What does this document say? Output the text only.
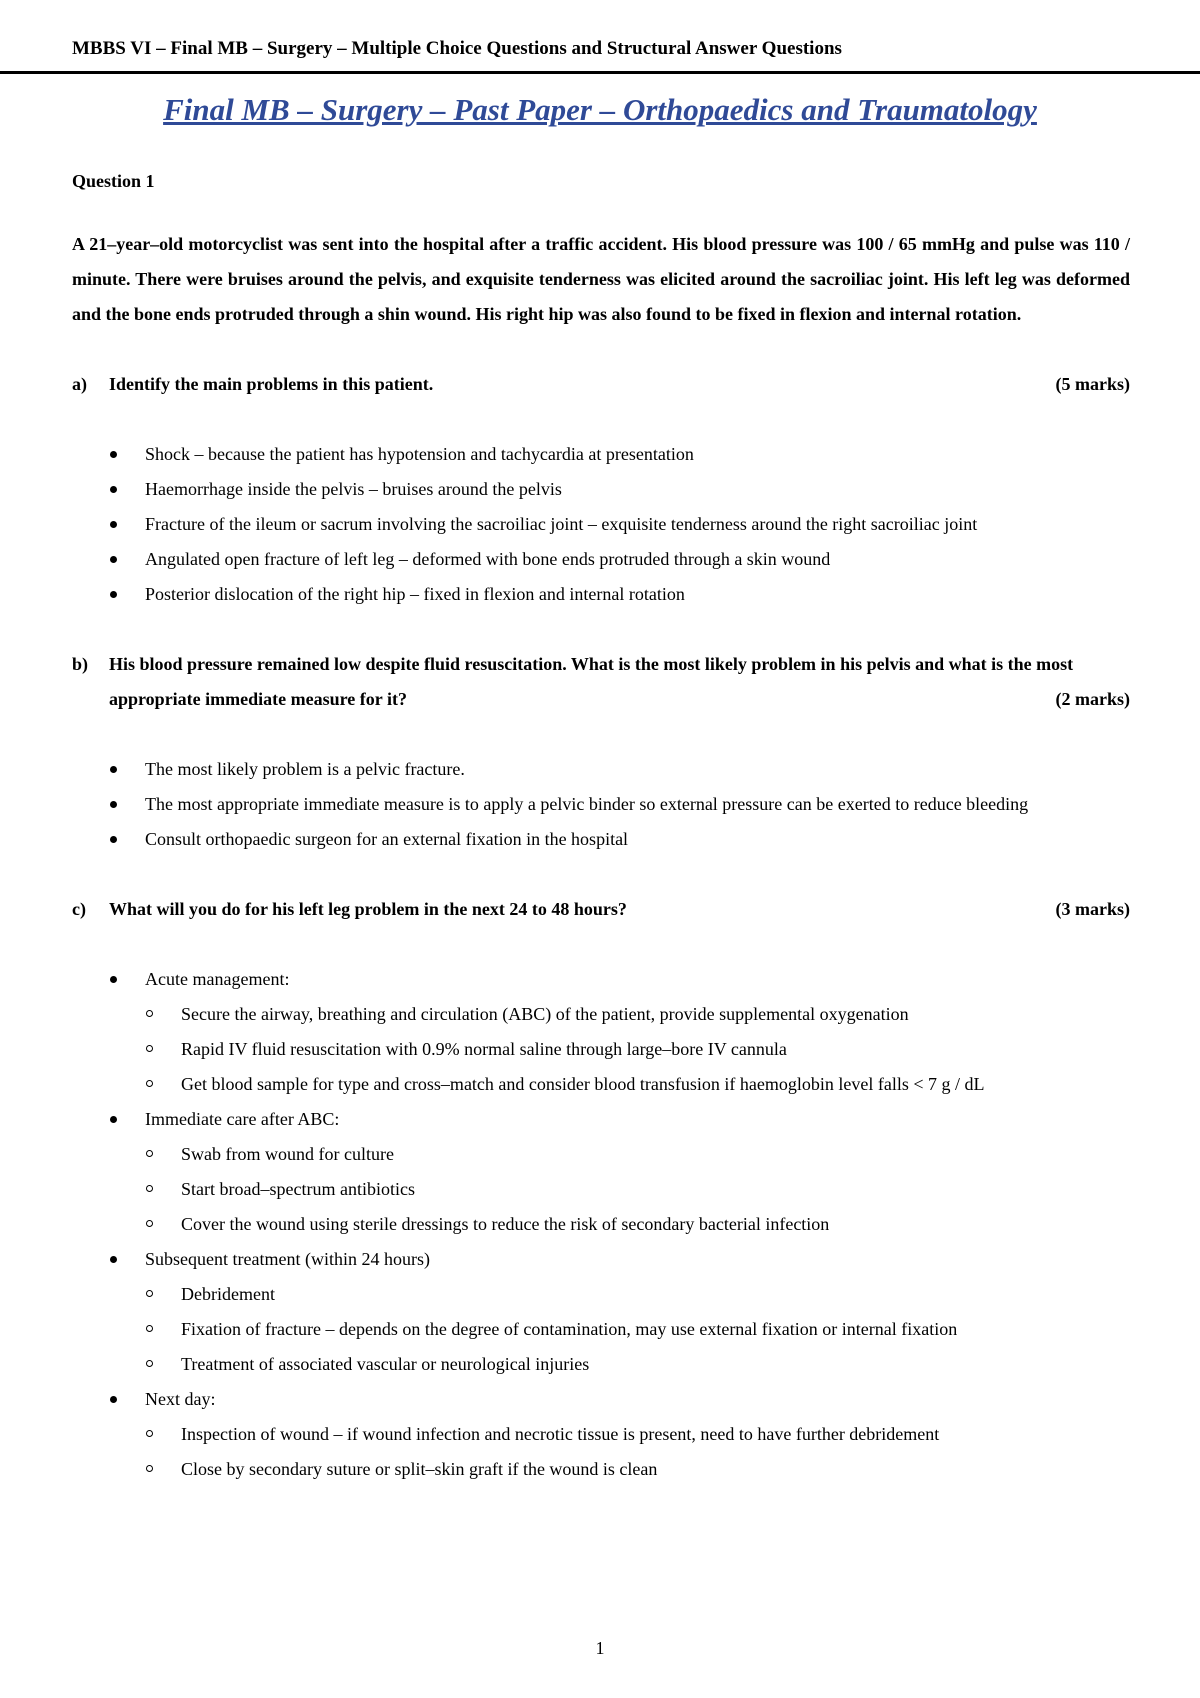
MBBS VI – Final MB – Surgery – Multiple Choice Questions and Structural Answer Questions
Final MB – Surgery – Past Paper – Orthopaedics and Traumatology

Question 1

A 21–year–old motorcyclist was sent into the hospital after a traffic accident. His blood pressure was 100 / 65 mmHg and pulse was 110 / minute. There were bruises around the pelvis, and exquisite tenderness was elicited around the sacroiliac joint. His left leg was deformed and the bone ends protruded through a shin wound. His right hip was also found to be fixed in flexion and internal rotation.

a)	(5 marks)
Identify the main problems in this patient.
Shock – because the patient has hypotension and tachycardia at presentation
Haemorrhage inside the pelvis – bruises around the pelvis
Fracture of the ileum or sacrum involving the sacroiliac joint – exquisite tenderness around the right sacroiliac joint
Angulated open fracture of left leg – deformed with bone ends protruded through a skin wound
Posterior dislocation of the right hip – fixed in flexion and internal rotation
b)	His blood pressure remained low despite fluid resuscitation. What is the most likely problem in his pelvis and what is the most appropriate immediate measure for it?	(2 marks)
The most likely problem is a pelvic fracture.
The most appropriate immediate measure is to apply a pelvic binder so external pressure can be exerted to reduce bleeding
Consult orthopaedic surgeon for an external fixation in the hospital
c)	(3 marks)
What will you do for his left leg problem in the next 24 to 48 hours?
Acute management:
Secure the airway, breathing and circulation (ABC) of the patient, provide supplemental oxygenation
Rapid IV fluid resuscitation with 0.9% normal saline through large–bore IV cannula
Get blood sample for type and cross–match and consider blood transfusion if haemoglobin level falls < 7 g / dL
Immediate care after ABC:
Swab from wound for culture
Start broad–spectrum antibiotics
Cover the wound using sterile dressings to reduce the risk of secondary bacterial infection
Subsequent treatment (within 24 hours)
Debridement
Fixation of fracture – depends on the degree of contamination, may use external fixation or internal fixation
Treatment of associated vascular or neurological injuries
Next day:
Inspection of wound – if wound infection and necrotic tissue is present, need to have further debridement
Close by secondary suture or split–skin graft if the wound is clean
1
